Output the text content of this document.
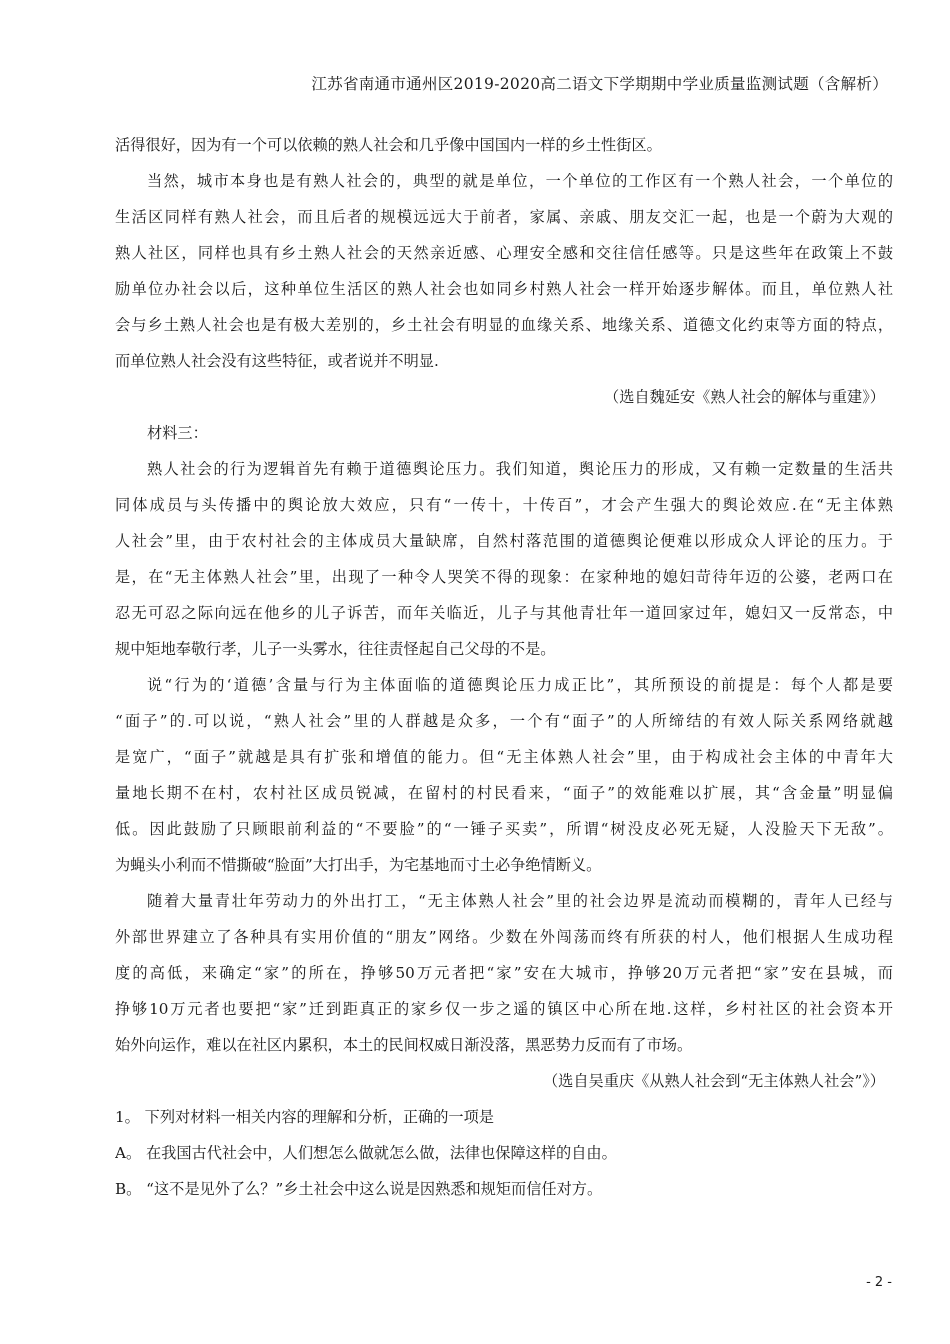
江苏省南通市通州区2019-2020高二语文下学期期中学业质量监测试题（含解析）
活得很好，因为有一个可以依赖的熟人社会和几乎像中国国内一样的乡土性街区。
当然，城市本身也是有熟人社会的，典型的就是单位，一个单位的工作区有一个熟人社会，一个单位的
生活区同样有熟人社会，而且后者的规模远远大于前者，家属、亲戚、朋友交汇一起，也是一个蔚为大观的
熟人社区，同样也具有乡土熟人社会的天然亲近感、心理安全感和交往信任感等。只是这些年在政策上不鼓
励单位办社会以后，这种单位生活区的熟人社会也如同乡村熟人社会一样开始逐步解体。而且，单位熟人社
会与乡土熟人社会也是有极大差别的，乡土社会有明显的血缘关系、地缘关系、道德文化约束等方面的特点，
而单位熟人社会没有这些特征，或者说并不明显.
（选自魏延安《熟人社会的解体与重建》）
材料三：
熟人社会的行为逻辑首先有赖于道德舆论压力。我们知道，舆论压力的形成，又有赖一定数量的生活共
同体成员与头传播中的舆论放大效应，只有“一传十，十传百”，才会产生强大的舆论效应.在“无主体熟
人社会”里，由于农村社会的主体成员大量缺席，自然村落范围的道德舆论便难以形成众人评论的压力。于
是，在“无主体熟人社会”里，出现了一种令人哭笑不得的现象：在家种地的媳妇苛待年迈的公婆，老两口在
忍无可忍之际向远在他乡的儿子诉苦，而年关临近，儿子与其他青壮年一道回家过年，媳妇又一反常态，中
规中矩地奉敬行孝，儿子一头雾水，往往责怪起自己父母的不是。
说“行为的‘道德’含量与行为主体面临的道德舆论压力成正比”，其所预设的前提是：每个人都是要
“面子”的.可以说，“熟人社会”里的人群越是众多，一个有“面子”的人所缔结的有效人际关系网络就越
是宽广，“面子”就越是具有扩张和增值的能力。但“无主体熟人社会”里，由于构成社会主体的中青年大
量地长期不在村，农村社区成员锐减，在留村的村民看来，“面子”的效能难以扩展，其“含金量”明显偏
低。因此鼓励了只顾眼前利益的“不要脸”的“一锤子买卖”，所谓“树没皮必死无疑，人没脸天下无敌”。
为蝇头小利而不惜撕破“脸面”大打出手，为宅基地而寸土必争绝情断义。
随着大量青壮年劳动力的外出打工，“无主体熟人社会”里的社会边界是流动而模糊的，青年人已经与
外部世界建立了各种具有实用价值的“朋友”网络。少数在外闯荡而终有所获的村人，他们根据人生成功程
度的高低，来确定“家”的所在，挣够50万元者把“家”安在大城市，挣够20万元者把“家”安在县城，而
挣够10万元者也要把“家”迁到距真正的家乡仅一步之遥的镇区中心所在地.这样，乡村社区的社会资本开
始外向运作，难以在社区内累积，本土的民间权威日渐没落，黑恶势力反而有了市场。
（选自吴重庆《从熟人社会到“无主体熟人社会”》）
1。 下列对材料一相关内容的理解和分析，正确的一项是
A。 在我国古代社会中，人们想怎么做就怎么做，法律也保障这样的自由。
B。 “这不是见外了么？”乡土社会中这么说是因熟悉和规矩而信任对方。
- 2 -
